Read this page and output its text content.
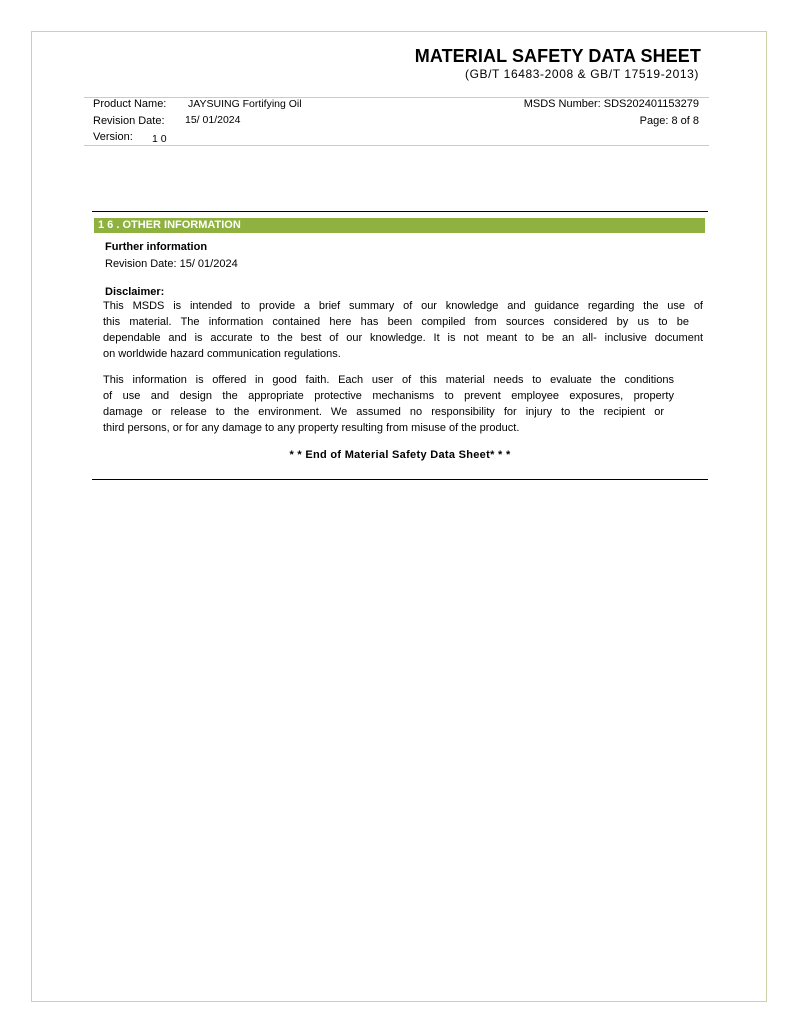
MATERIAL SAFETY DATA SHEET
(GB/T 16483-2008 & GB/T 17519-2013)
Product Name: JAYSUING Fortifying Oil
Revision Date: 15/ 01/2024
Version: 1 0
MSDS Number: SDS202401153279
Page: 8 of 8
1 6 . OTHER INFORMATION
Further information
Revision Date: 15/ 01/2024
Disclaimer:
This MSDS is intended to provide a brief summary of our knowledge and guidance regarding the use of
this material. The information contained here has been compiled from sources considered by us to be
dependable and is accurate to the best of our knowledge. It is not meant to be an all- inclusive document
on worldwide hazard communication regulations.
This information is offered in good faith. Each user of this material needs to evaluate the conditions
of use and design the appropriate protective mechanisms to prevent employee exposures, property
damage or release to the environment. We assumed no responsibility for injury to the recipient or
third persons, or for any damage to any property resulting from misuse of the product.
* * End of Material Safety Data Sheet* * *
